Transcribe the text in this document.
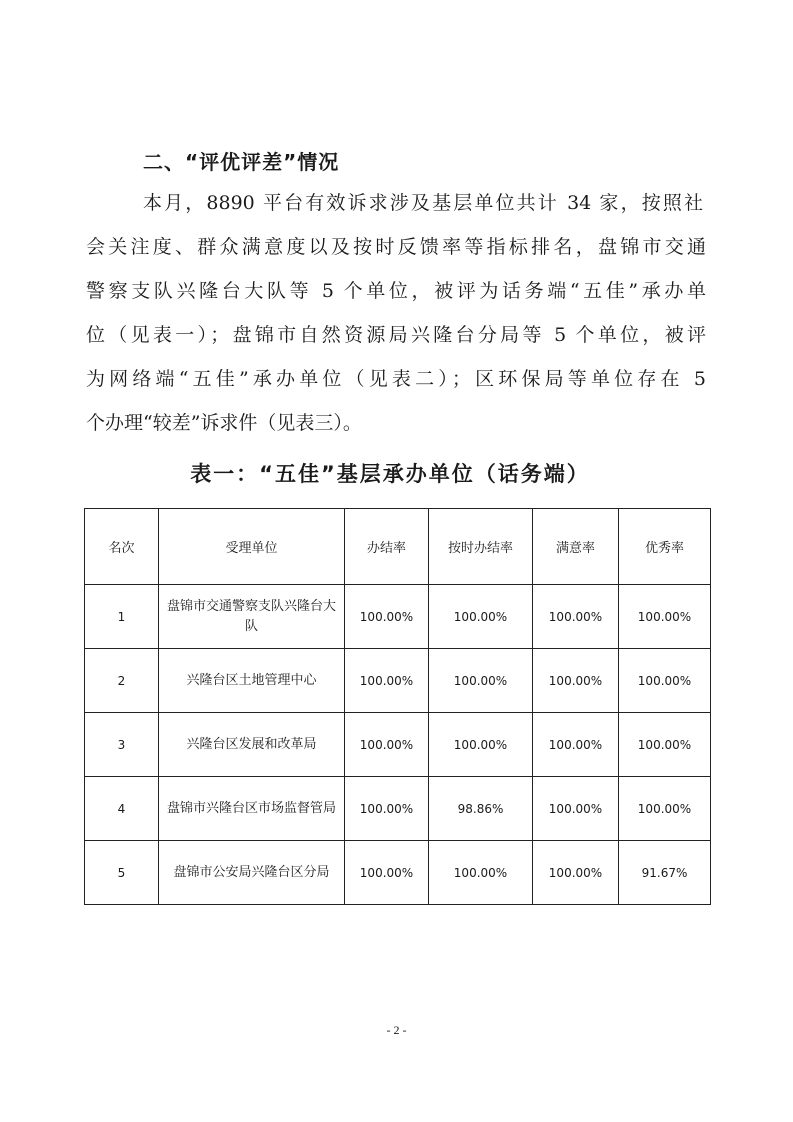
二、“评优评差”情况
本月，8890 平台有效诉求涉及基层单位共计 34 家，按照社
会关注度、群众满意度以及按时反馈率等指标排名，盘锦市交通
警察支队兴隆台大队等 5 个单位，被评为话务端“五佳”承办单
位（见表一）；盘锦市自然资源局兴隆台分局等 5 个单位，被评
为网络端“五佳”承办单位（见表二）；区环保局等单位存在 5
个办理“较差”诉求件（见表三）。
表一：“五佳”基层承办单位（话务端）
名次	受理单位	办结率	按时办结率	满意率	优秀率
1	盘锦市交通警察支队兴隆台大队	100.00%	100.00%	100.00%	100.00%
2	兴隆台区土地管理中心	100.00%	100.00%	100.00%	100.00%
3	兴隆台区发展和改革局	100.00%	100.00%	100.00%	100.00%
4	盘锦市兴隆台区市场监督管局	100.00%	98.86%	100.00%	100.00%
5	盘锦市公安局兴隆台区分局	100.00%	100.00%	100.00%	91.67%
- 2 -
